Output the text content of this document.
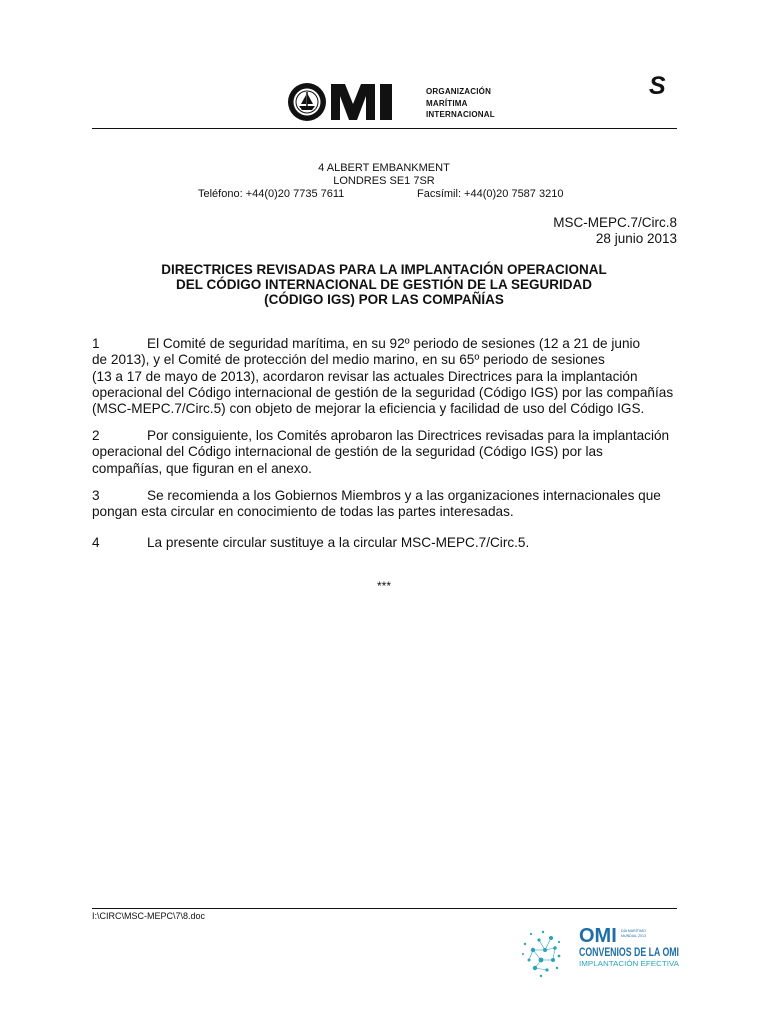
OMI
ORGANIZACIÓN
MARÍTIMA
INTERNACIONAL
S
4 ALBERT EMBANKMENT
LONDRES SE1 7SR
Teléfono: +44(0)20 7735 7611	Facsímil: +44(0)20 7587 3210
MSC-MEPC.7/Circ.8
28 junio 2013
DIRECTRICES REVISADAS PARA LA IMPLANTACIÓN OPERACIONAL
DEL CÓDIGO INTERNACIONAL DE GESTIÓN DE LA SEGURIDAD
(CÓDIGO IGS) POR LAS COMPAÑÍAS
1	El Comité de seguridad marítima, en su 92º periodo de sesiones (12 a 21 de junio
de 2013), y el Comité de protección del medio marino, en su 65º periodo de sesiones
(13 a 17 de mayo de 2013), acordaron revisar las actuales Directrices para la implantación
operacional del Código internacional de gestión de la seguridad (Código IGS) por las compañías
(MSC-MEPC.7/Circ.5) con objeto de mejorar la eficiencia y facilidad de uso del Código IGS.
2	Por consiguiente, los Comités aprobaron las Directrices revisadas para la implantación
operacional del Código internacional de gestión de la seguridad (Código IGS) por las
compañías, que figuran en el anexo.
3	Se recomienda a los Gobiernos Miembros y a las organizaciones internacionales que
pongan esta circular en conocimiento de todas las partes interesadas.
4	La presente circular sustituye a la circular MSC-MEPC.7/Circ.5.
***
I:\CIRC\MSC-MEPC\7\8.doc
OMI DÍA MARÍTIMO
MUNDIAL 2013
CONVENIOS DE LA OMI
IMPLANTACIÓN EFECTIVA
